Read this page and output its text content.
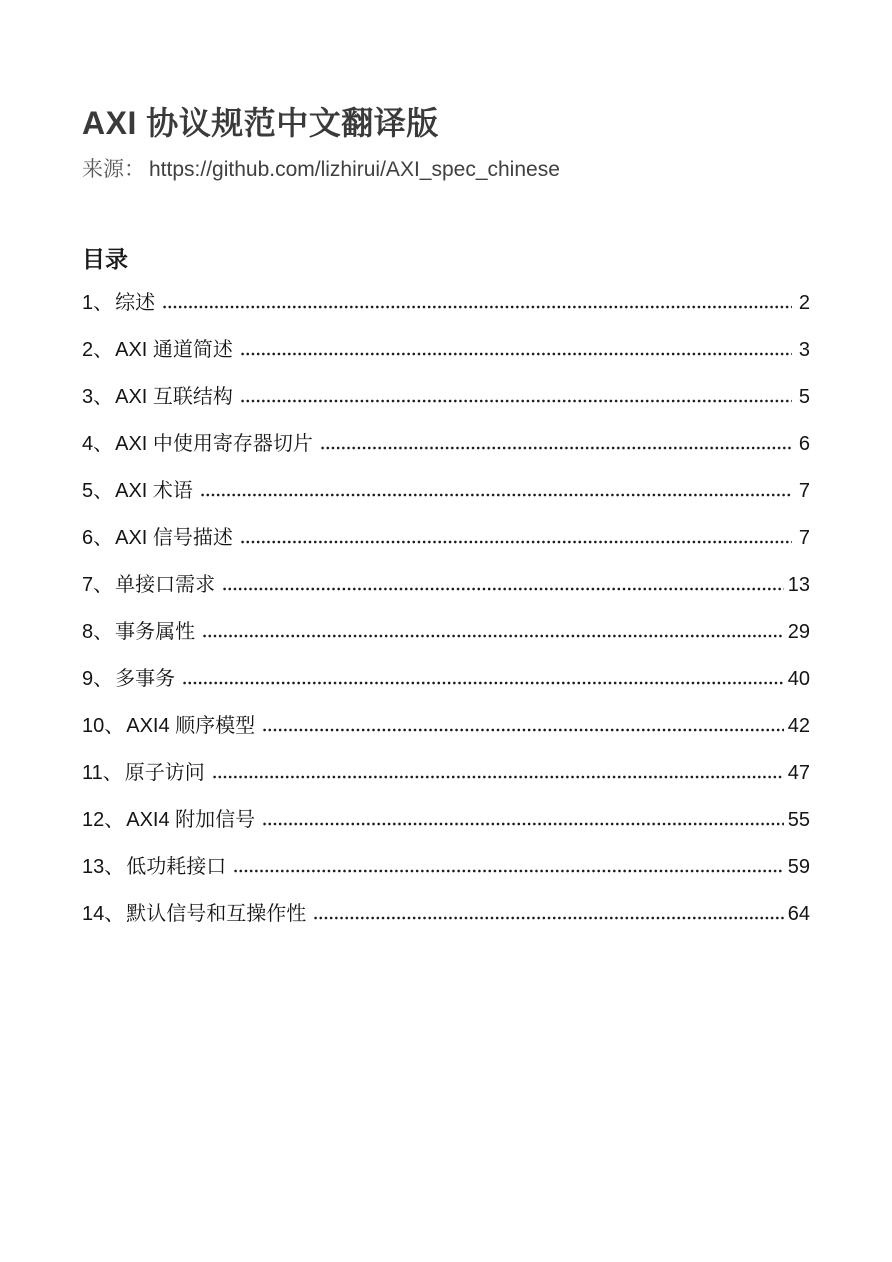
AXI 协议规范中文翻译版

来源： https://github.com/lizhirui/AXI_spec_chinese

目录
1、 综述	2
2、 AXI 通道简述	3
3、 AXI 互联结构	5
4、 AXI 中使用寄存器切片	6
5、 AXI 术语	7
6、 AXI 信号描述	7
7、 单接口需求	13
8、 事务属性	29
9、 多事务	40
10、 AXI4 顺序模型	42
11、 原子访问	47
12、 AXI4 附加信号	55
13、 低功耗接口	59
14、 默认信号和互操作性	64
